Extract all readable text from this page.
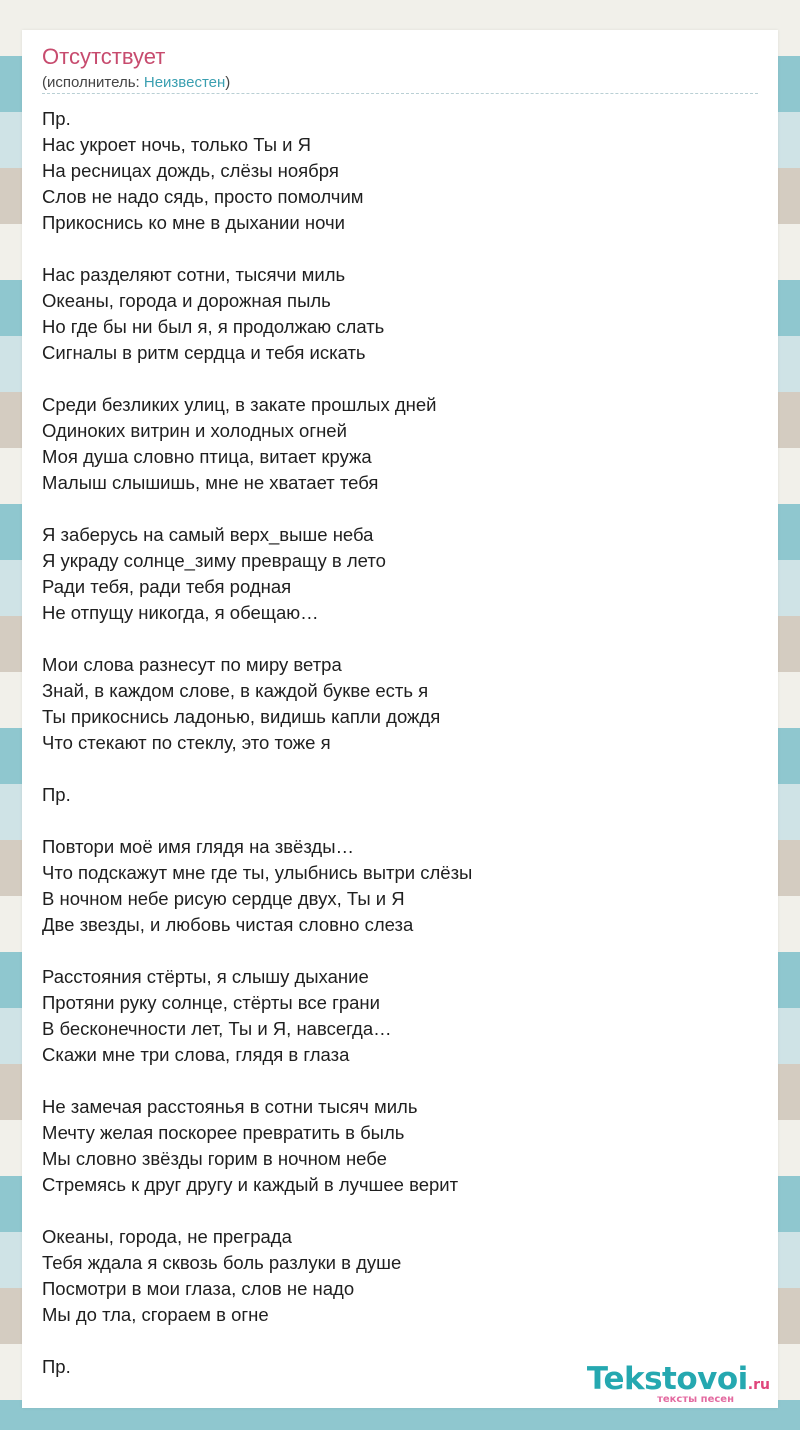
Отсутствует
(исполнитель: Неизвестен)
Пр.
Нас укроет ночь, только Ты и Я
На ресницах дождь, слёзы ноября
Слов не надо сядь, просто помолчим
Прикоснись ко мне в дыхании ночи
Нас разделяют сотни, тысячи миль
Океаны, города и дорожная пыль
Но где бы ни был я, я продолжаю слать
Сигналы в ритм сердца и тебя искать
Среди безликих улиц, в закате прошлых дней
Одиноких витрин и холодных огней
Моя душа словно птица, витает кружа
Малыш слышишь, мне не хватает тебя
Я заберусь на самый верх_выше неба
Я украду солнце_зиму превращу в лето
Ради тебя, ради тебя родная
Не отпущу никогда, я обещаю…
Мои слова разнесут по миру ветра
Знай, в каждом слове, в каждой букве есть я
Ты прикоснись ладонью, видишь капли дождя
Что стекают по стеклу, это тоже я
Пр.
Повтори моё имя глядя на звёзды…
Что подскажут мне где ты, улыбнись вытри слёзы
В ночном небе рисую сердце двух, Ты и Я
Две звезды, и любовь чистая словно слеза
Расстояния стёрты, я слышу дыхание
Протяни руку солнце, стёрты все грани
В бесконечности лет, Ты и Я, навсегда…
Скажи мне три слова, глядя в глаза
Не замечая расстоянья в сотни тысяч миль
Мечту желая поскорее превратить в быль
Мы словно звёзды горим в ночном небе
Стремясь к друг другу и каждый в лучшее верит
Океаны, города, не преграда
Тебя ждала я сквозь боль разлуки в душе
Посмотри в мои глаза, слов не надо
Мы до тла, сгораем в огне
Пр.	Tekstovoi.ru
тексты песен
